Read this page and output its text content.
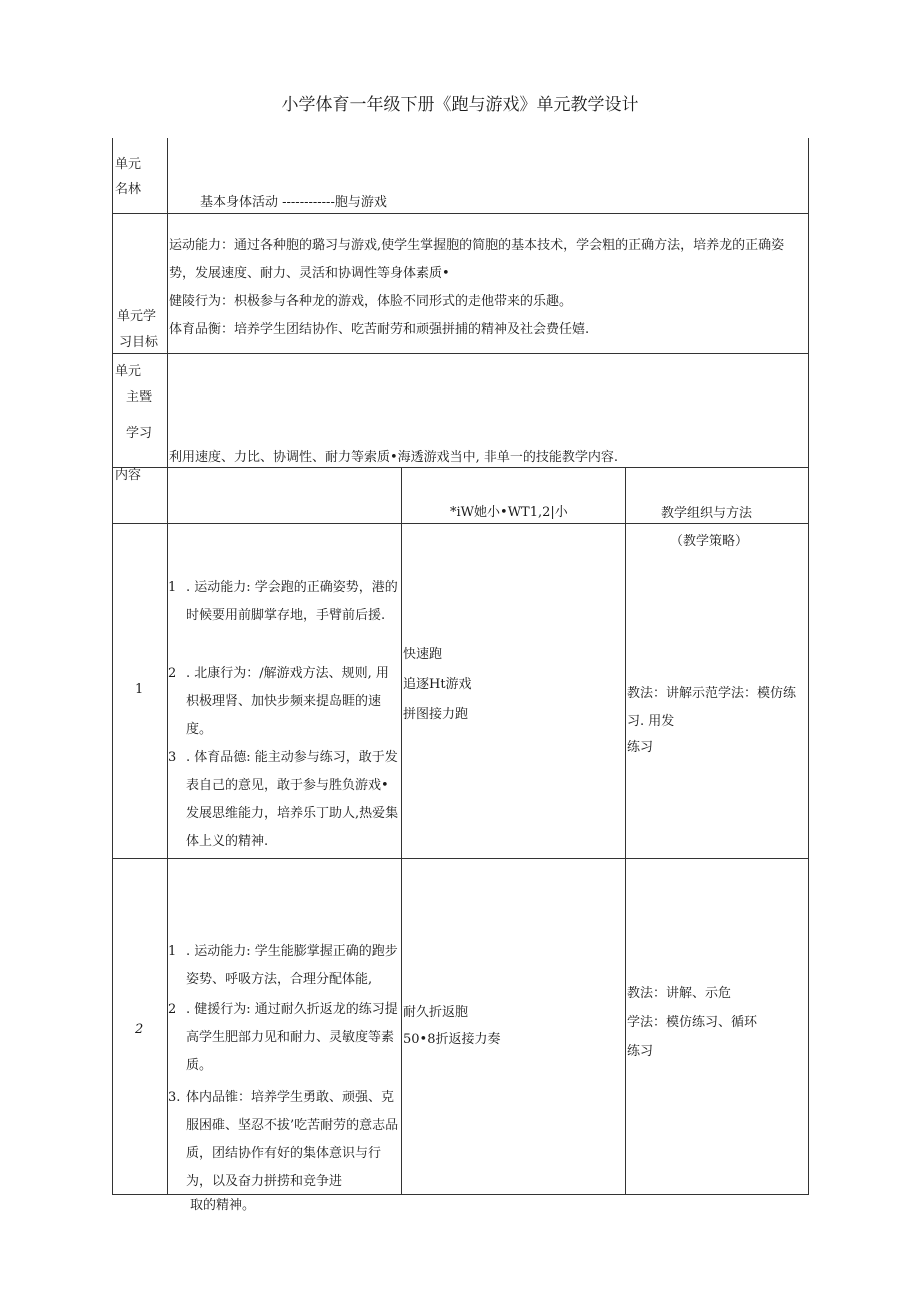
小学体育一年级下册《跑与游戏》单元教学设计
单元
名林
基本身体活动 ------------胞与游戏
单元学
习目标
运动能力：通过各种胞的璐习与游戏,使学生掌握胞的简胞的基本技术，学会粗的正确方法，培养龙的正确姿势，发展速度、耐力、灵活和协调性等身体素质•
健陵行为：枳极参与各种龙的游戏，体脸不同形式的走他带来的乐趣。
体育品衡：培养学生团结协作、吃苦耐劳和顽强拼捕的精神及社会费任嬉.
单元
主暨
学习
利用速度、力比、协调性、耐力等索质•海透游戏当中, 非单一的技能教学内容.
内容
*iW她小•WT1,2|小	教学组织与方法
（教学策略）
1
1 . 运动能力: 学会跑的正确姿势，港的时候要用前脚掌存地，手臂前后援.
2 . 北康行为：/解游戏方法、规则, 用枳极理肾、加快步频来提岛睚的速度。
3 . 体育品德: 能主动参与练习，敢于发表自己的意见，敢于参与胜负游戏•发展思维能力，培养乐丁助人,热爱集体上义的精神.
快速跑
追逐Ht游戏
拼图接力跑
教法：讲解示范学法：模仿练习. 用发
练习
2
1 . 运动能力: 学生能膨掌握正确的跑步姿势、呼吸方法，合理分配体能,
2 . 健援行为: 通过耐久折返龙的练习提高学生肥部力见和耐力、灵敏度等素质。
3. 体内品锥：培养学生勇敢、顽强、克服困碓、坚忍不拔’吃苦耐劳的意志品质，团结协作有好的集体意识与行为，以及奋力拼捞和竞争进
取的精神。
耐久折返胞
50•8折返接力奏
教法：讲解、示危
学法：模仿练习、循环
练习
